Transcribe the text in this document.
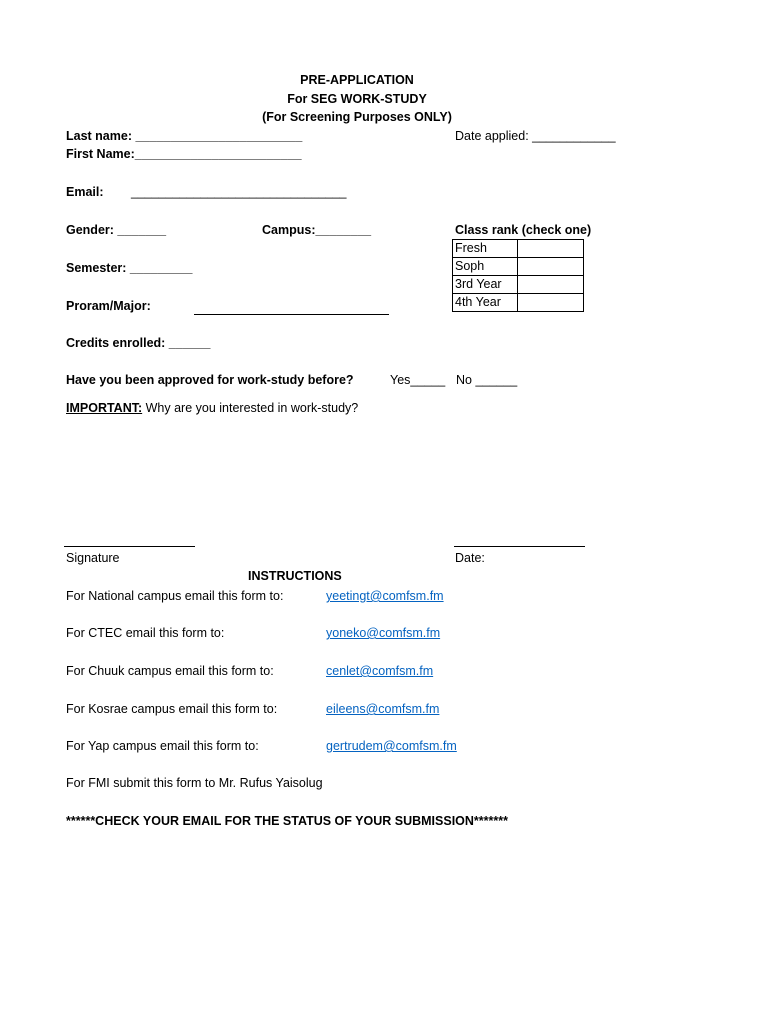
PRE-APPLICATION
For SEG WORK-STUDY
(For Screening Purposes ONLY)
Last name: ________________________	Date applied: ____________
First Name:________________________
Email: _______________________________
Gender: _______	Campus:________	Class rank (check one)
Fresh	
Soph	
3rd Year	
4th Year	
Semester: _________
Proram/Major:
Credits enrolled: ______
Have you been approved for work-study before?	Yes_____ No ______
IMPORTANT: Why are you interested in work-study?
Signature	Date:
INSTRUCTIONS
For National campus email this form to:	yeetingt@comfsm.fm
For CTEC email this form to:	yoneko@comfsm.fm
For Chuuk campus email this form to:	cenlet@comfsm.fm
For Kosrae campus email this form to:	eileens@comfsm.fm
For Yap campus email this form to:	gertrudem@comfsm.fm
For FMI submit this form to Mr. Rufus Yaisolug
******CHECK YOUR EMAIL FOR THE STATUS OF YOUR SUBMISSION*******
